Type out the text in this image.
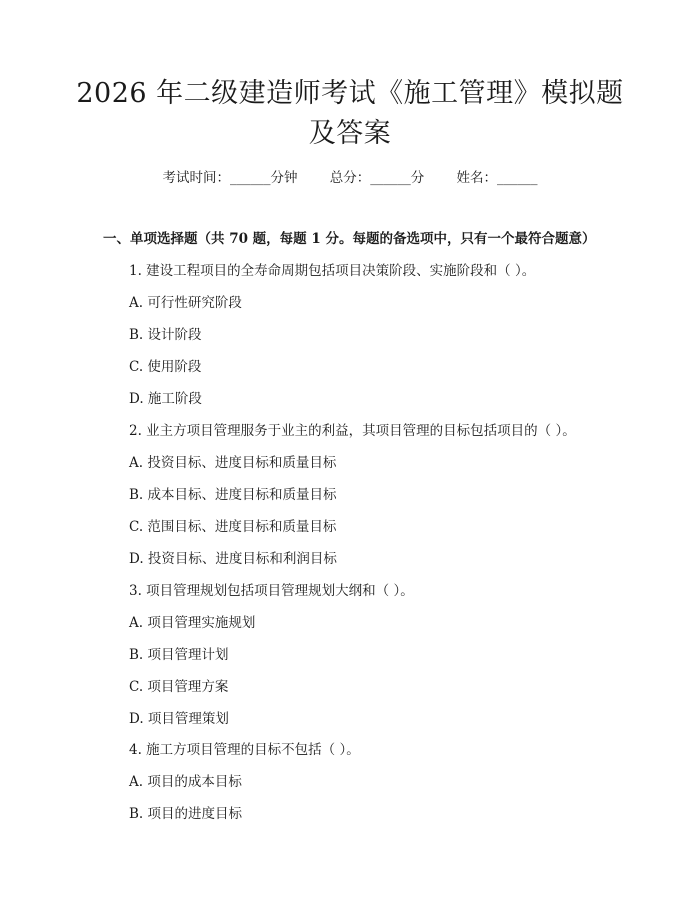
2026 年二级建造师考试《施工管理》模拟题
及答案
考试时间：______分钟 总分：______分 姓名：______
一、单项选择题（共 70 题，每题 1 分。每题的备选项中，只有一个最符合题意）
1. 建设工程项目的全寿命周期包括项目决策阶段、实施阶段和（ ）。
A. 可行性研究阶段
B. 设计阶段
C. 使用阶段
D. 施工阶段
2. 业主方项目管理服务于业主的利益，其项目管理的目标包括项目的（ ）。
A. 投资目标、进度目标和质量目标
B. 成本目标、进度目标和质量目标
C. 范围目标、进度目标和质量目标
D. 投资目标、进度目标和利润目标
3. 项目管理规划包括项目管理规划大纲和（ ）。
A. 项目管理实施规划
B. 项目管理计划
C. 项目管理方案
D. 项目管理策划
4. 施工方项目管理的目标不包括（ ）。
A. 项目的成本目标
B. 项目的进度目标
